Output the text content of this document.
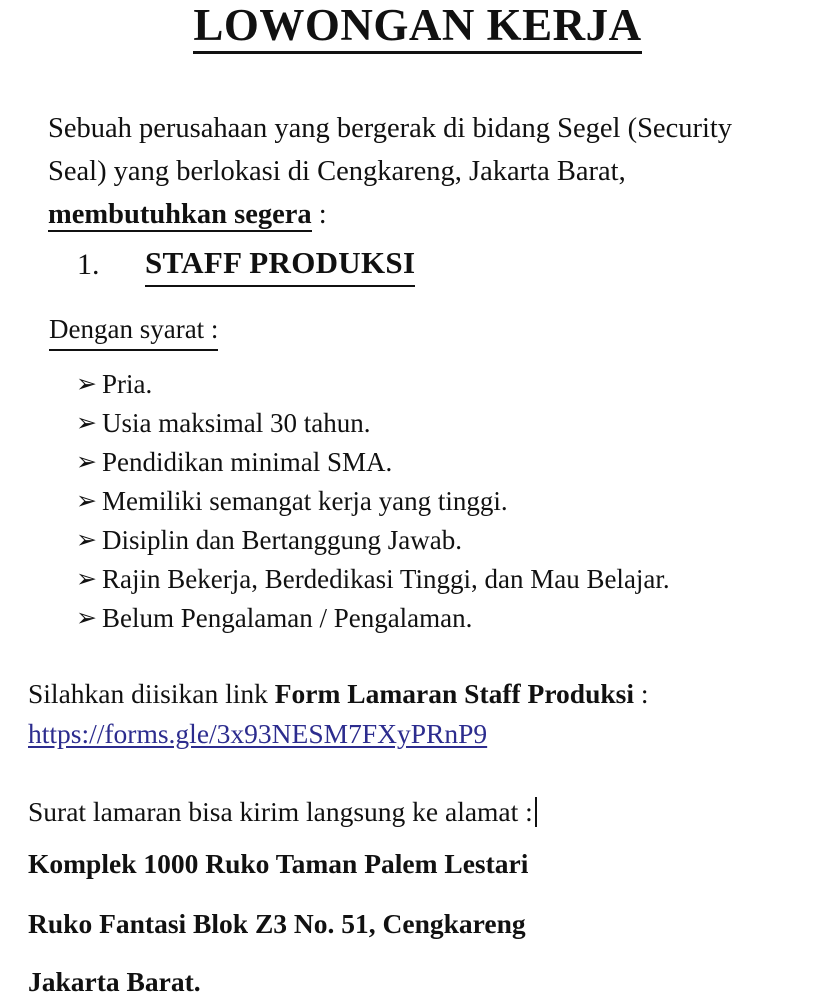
LOWONGAN KERJA

Sebuah perusahaan yang bergerak di bidang Segel (Security Seal) yang berlokasi di Cengkareng, Jakarta Barat, membutuhkan segera :

1. STAFF PRODUKSI
Dengan syarat :
➢ Pria.
➢ Usia maksimal 30 tahun.
➢ Pendidikan minimal SMA.
➢ Memiliki semangat kerja yang tinggi.
➢ Disiplin dan Bertanggung Jawab.
➢ Rajin Bekerja, Berdedikasi Tinggi, dan Mau Belajar.
➢ Belum Pengalaman / Pengalaman.
Silahkan diisikan link Form Lamaran Staff Produksi :
https://forms.gle/3x93NESM7FXyPRnP9
Surat lamaran bisa kirim langsung ke alamat :
Komplek 1000 Ruko Taman Palem Lestari
Ruko Fantasi Blok Z3 No. 51, Cengkareng
Jakarta Barat.
